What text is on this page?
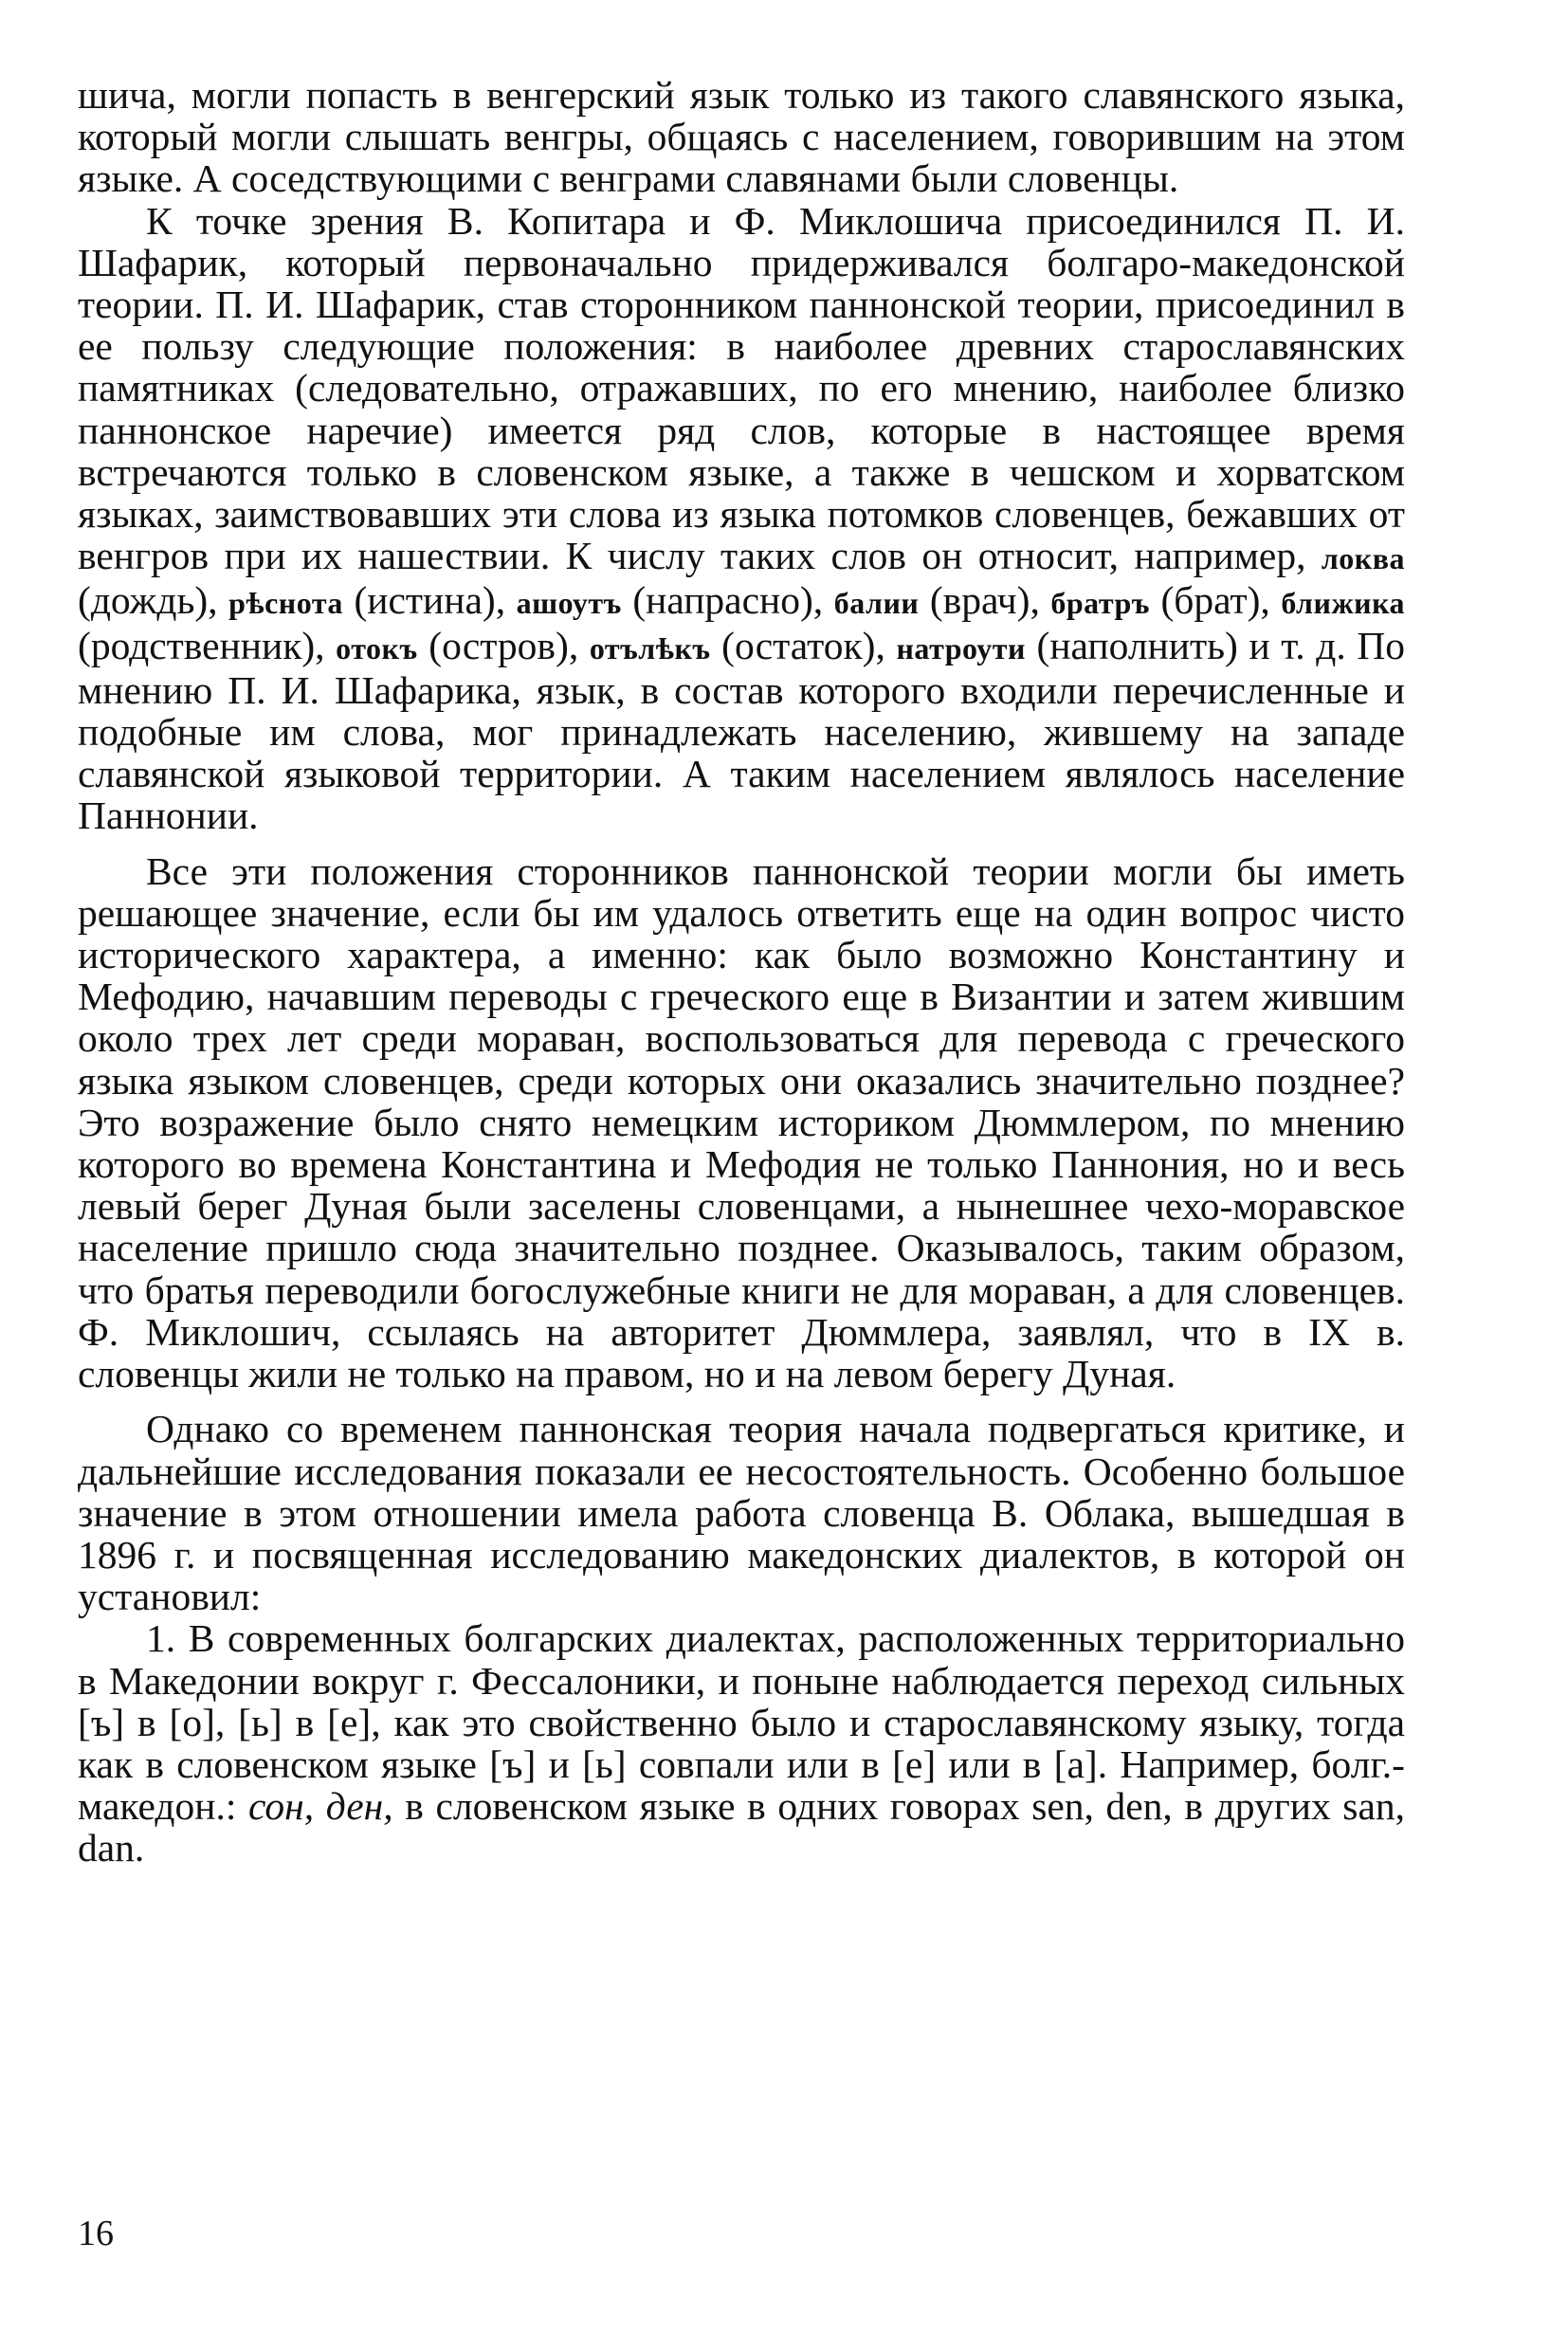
шича, могли попасть в венгерский язык только из такого славянского языка, который могли слышать венгры, общаясь с населением, говорившим на этом языке. А соседствующими с венграми славянами были словенцы.

К точке зрения В. Копитара и Ф. Миклошича присоединился П. И. Шафарик, который первоначально придерживался болгаро-македонской теории. П. И. Шафарик, став сторонником паннонской теории, присоединил в ее пользу следующие положения: в наиболее древних старославянских памятниках (следовательно, отражавших, по его мнению, наиболее близко паннонское наречие) имеется ряд слов, которые в настоящее время встречаются только в словенском языке, а также в чешском и хорватском языках, заимствовавших эти слова из языка потомков словенцев, бежавших от венгров при их нашествии. К числу таких слов он относит, например, локва (дождь), рѣснота (истина), ашоутъ (напрасно), балии (врач), братръ (брат), ближика (родственник), отокъ (остров), отълѣкъ (остаток), натроути (наполнить) и т. д. По мнению П. И. Шафарика, язык, в состав которого входили перечисленные и подобные им слова, мог принадлежать населению, жившему на западе славянской языковой территории. А таким населением являлось население Паннонии.

Все эти положения сторонников паннонской теории могли бы иметь решающее значение, если бы им удалось ответить еще на один вопрос чисто исторического характера, а именно: как было возможно Константину и Мефодию, начавшим переводы с греческого еще в Византии и затем жившим около трех лет среди мораван, воспользоваться для перевода с греческого языка языком словенцев, среди которых они оказались значительно позднее? Это возражение было снято немецким историком Дюммлером, по мнению которого во времена Константина и Мефодия не только Паннония, но и весь левый берег Дуная были заселены словенцами, а нынешнее чехо-моравское население пришло сюда значительно позднее. Оказывалось, таким образом, что братья переводили богослужебные книги не для мораван, а для словенцев. Ф. Миклошич, ссылаясь на авторитет Дюммлера, заявлял, что в IX в. словенцы жили не только на правом, но и на левом берегу Дуная.

Однако со временем паннонская теория начала подвергаться критике, и дальнейшие исследования показали ее несостоятельность. Особенно большое значение в этом отношении имела работа словенца В. Облака, вышедшая в 1896 г. и посвященная исследованию македонских диалектов, в которой он установил:

1. В современных болгарских диалектах, расположенных территориально в Македонии вокруг г. Фессалоники, и поныне наблюдается переход сильных [ъ] в [о], [ь] в [е], как это свойственно было и старославянскому языку, тогда как в словенском языке [ъ] и [ь] совпали или в [е] или в [а]. Например, болг.-македон.: сон, ден, в словенском языке в одних говорах sen, den, в других san, dan.

16
